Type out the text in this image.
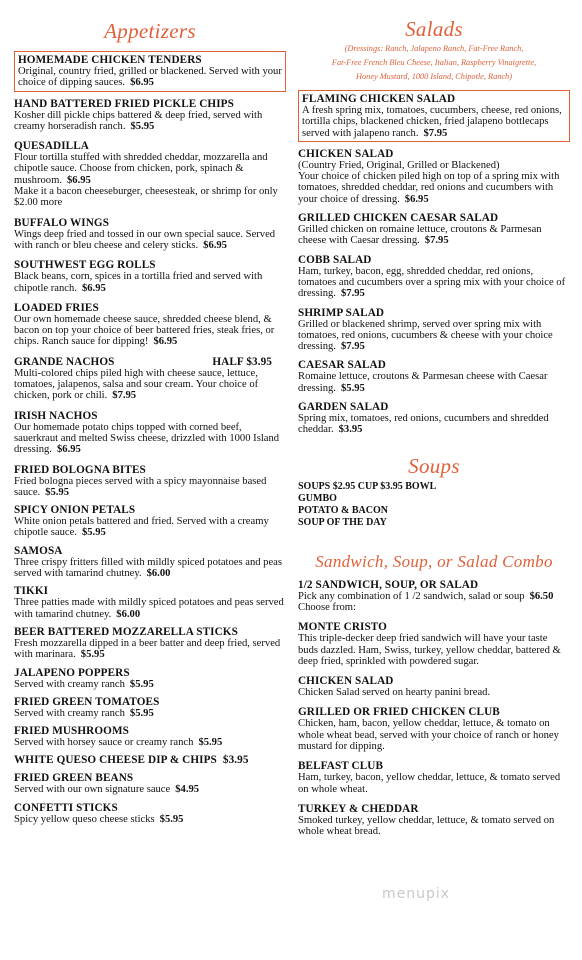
Appetizers
HOMEMADE CHICKEN TENDERS
Original, country fried, grilled or blackened. Served with your choice of dipping sauces. $6.95
HAND BATTERED FRIED PICKLE CHIPS
Kosher dill pickle chips battered & deep fried, served with creamy horseradish ranch. $5.95
QUESADILLA
Flour tortilla stuffed with shredded cheddar, mozzarella and chipotle sauce. Choose from chicken, pork, spinach & mushroom. $6.95
Make it a bacon cheeseburger, cheesesteak, or shrimp for only $2.00 more
BUFFALO WINGS
Wings deep fried and tossed in our own special sauce. Served with ranch or bleu cheese and celery sticks. $6.95
SOUTHWEST EGG ROLLS
Black beans, corn, spices in a tortilla fried and served with chipotle ranch. $6.95
LOADED FRIES
Our own homemade cheese sauce, shredded cheese blend, & bacon on top your choice of beer battered fries, steak fries, or chips. Ranch sauce for dipping! $6.95
GRANDE NACHOS	HALF $3.95
Multi-colored chips piled high with cheese sauce, lettuce, tomatoes, jalapenos, salsa and sour cream. Your choice of chicken, pork or chili. $7.95
IRISH NACHOS
Our homemade potato chips topped with corned beef, sauerkraut and melted Swiss cheese, drizzled with 1000 Island dressing. $6.95
FRIED BOLOGNA BITES
Fried bologna pieces served with a spicy mayonnaise based sauce. $5.95
SPICY ONION PETALS
White onion petals battered and fried. Served with a creamy chipotle sauce. $5.95
SAMOSA
Three crispy fritters filled with mildly spiced potatoes and peas served with tamarind chutney. $6.00
TIKKI
Three patties made with mildly spiced potatoes and peas served with tamarind chutney. $6.00
BEER BATTERED MOZZARELLA STICKS
Fresh mozzarella dipped in a beer batter and deep fried, served with marinara. $5.95
JALAPENO POPPERS
Served with creamy ranch $5.95
FRIED GREEN TOMATOES
Served with creamy ranch $5.95
FRIED MUSHROOMS
Served with horsey sauce or creamy ranch $5.95
WHITE QUESO CHEESE DIP & CHIPS $3.95
FRIED GREEN BEANS
Served with our own signature sauce $4.95
CONFETTI STICKS
Spicy yellow queso cheese sticks $5.95
Salads
(Dressings: Ranch, Jalapeno Ranch, Fat-Free Ranch,
Fat-Free French Bleu Cheese, Italian, Raspberry Vinaigrette,
Honey Mustard, 1000 Island, Chipotle, Ranch)
FLAMING CHICKEN SALAD
A fresh spring mix, tomatoes, cucumbers, cheese, red onions, tortilla chips, blackened chicken, fried jalapeno bottlecaps served with jalapeno ranch. $7.95
CHICKEN SALAD
(Country Fried, Original, Grilled or Blackened)
Your choice of chicken piled high on top of a spring mix with tomatoes, shredded cheddar, red onions and cucumbers with your choice of dressing. $6.95
GRILLED CHICKEN CAESAR SALAD
Grilled chicken on romaine lettuce, croutons & Parmesan cheese with Caesar dressing. $7.95
COBB SALAD
Ham, turkey, bacon, egg, shredded cheddar, red onions, tomatoes and cucumbers over a spring mix with your choice of dressing. $7.95
SHRIMP SALAD
Grilled or blackened shrimp, served over spring mix with tomatoes, red onions, cucumbers & cheese with your choice dressing. $7.95
CAESAR SALAD
Romaine lettuce, croutons & Parmesan cheese with Caesar dressing. $5.95
GARDEN SALAD
Spring mix, tomatoes, red onions, cucumbers and shredded cheddar. $3.95
Soups
SOUPS $2.95 CUP $3.95 BOWL
GUMBO
POTATO & BACON
SOUP OF THE DAY
Sandwich, Soup, or Salad Combo
1/2 SANDWICH, SOUP, OR SALAD
Pick any combination of 1 /2 sandwich, salad or soup $6.50
Choose from:
MONTE CRISTO
This triple-decker deep fried sandwich will have your taste buds dazzled. Ham, Swiss, turkey, yellow cheddar, battered & deep fried, sprinkled with powdered sugar.
CHICKEN SALAD
Chicken Salad served on hearty panini bread.
GRILLED OR FRIED CHICKEN CLUB
Chicken, ham, bacon, yellow cheddar, lettuce, & tomato on whole wheat bead, served with your choice of ranch or honey mustard for dipping.
BELFAST CLUB
Ham, turkey, bacon, yellow cheddar, lettuce, & tomato served on whole wheat.
TURKEY & CHEDDAR
Smoked turkey, yellow cheddar, lettuce, & tomato served on whole wheat bread.
menupix
